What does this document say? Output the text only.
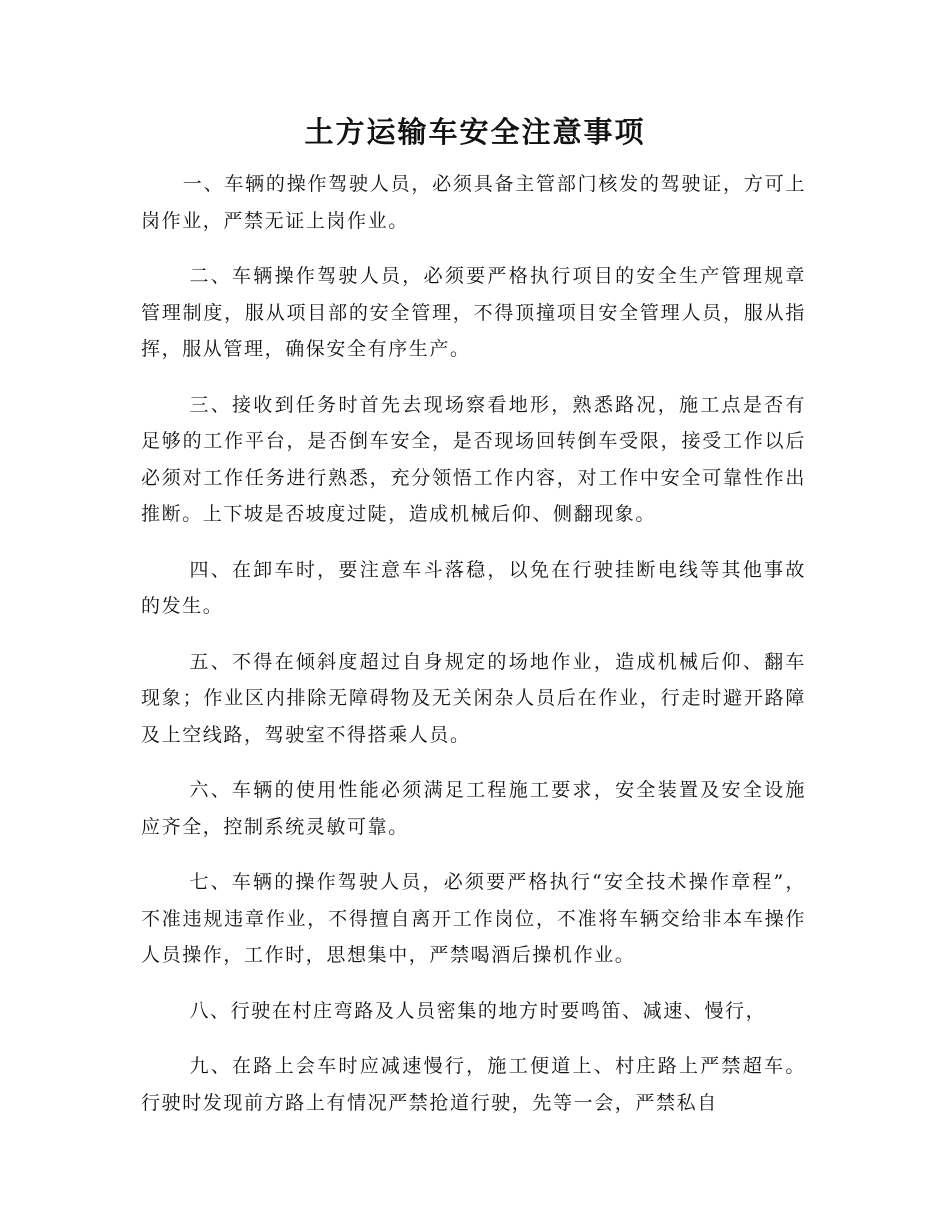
土方运输车安全注意事项

一、车辆的操作驾驶人员，必须具备主管部门核发的驾驶证，方可上岗作业，严禁无证上岗作业。

二、车辆操作驾驶人员，必须要严格执行项目的安全生产管理规章管理制度，服从项目部的安全管理，不得顶撞项目安全管理人员，服从指挥，服从管理，确保安全有序生产。

三、接收到任务时首先去现场察看地形，熟悉路况，施工点是否有足够的工作平台，是否倒车安全，是否现场回转倒车受限，接受工作以后必须对工作任务进行熟悉，充分领悟工作内容，对工作中安全可靠性作出推断。上下坡是否坡度过陡，造成机械后仰、侧翻现象。

四、在卸车时，要注意车斗落稳，以免在行驶挂断电线等其他事故的发生。

五、不得在倾斜度超过自身规定的场地作业，造成机械后仰、翻车现象；作业区内排除无障碍物及无关闲杂人员后在作业，行走时避开路障及上空线路，驾驶室不得搭乘人员。

六、车辆的使用性能必须满足工程施工要求，安全装置及安全设施应齐全，控制系统灵敏可靠。

七、车辆的操作驾驶人员，必须要严格执行“安全技术操作章程”，不准违规违章作业，不得擅自离开工作岗位，不准将车辆交给非本车操作人员操作，工作时，思想集中，严禁喝酒后操机作业。

八、行驶在村庄弯路及人员密集的地方时要鸣笛、减速、慢行，

九、在路上会车时应减速慢行，施工便道上、村庄路上严禁超车。行驶时发现前方路上有情况严禁抢道行驶，先等一会，严禁私自
